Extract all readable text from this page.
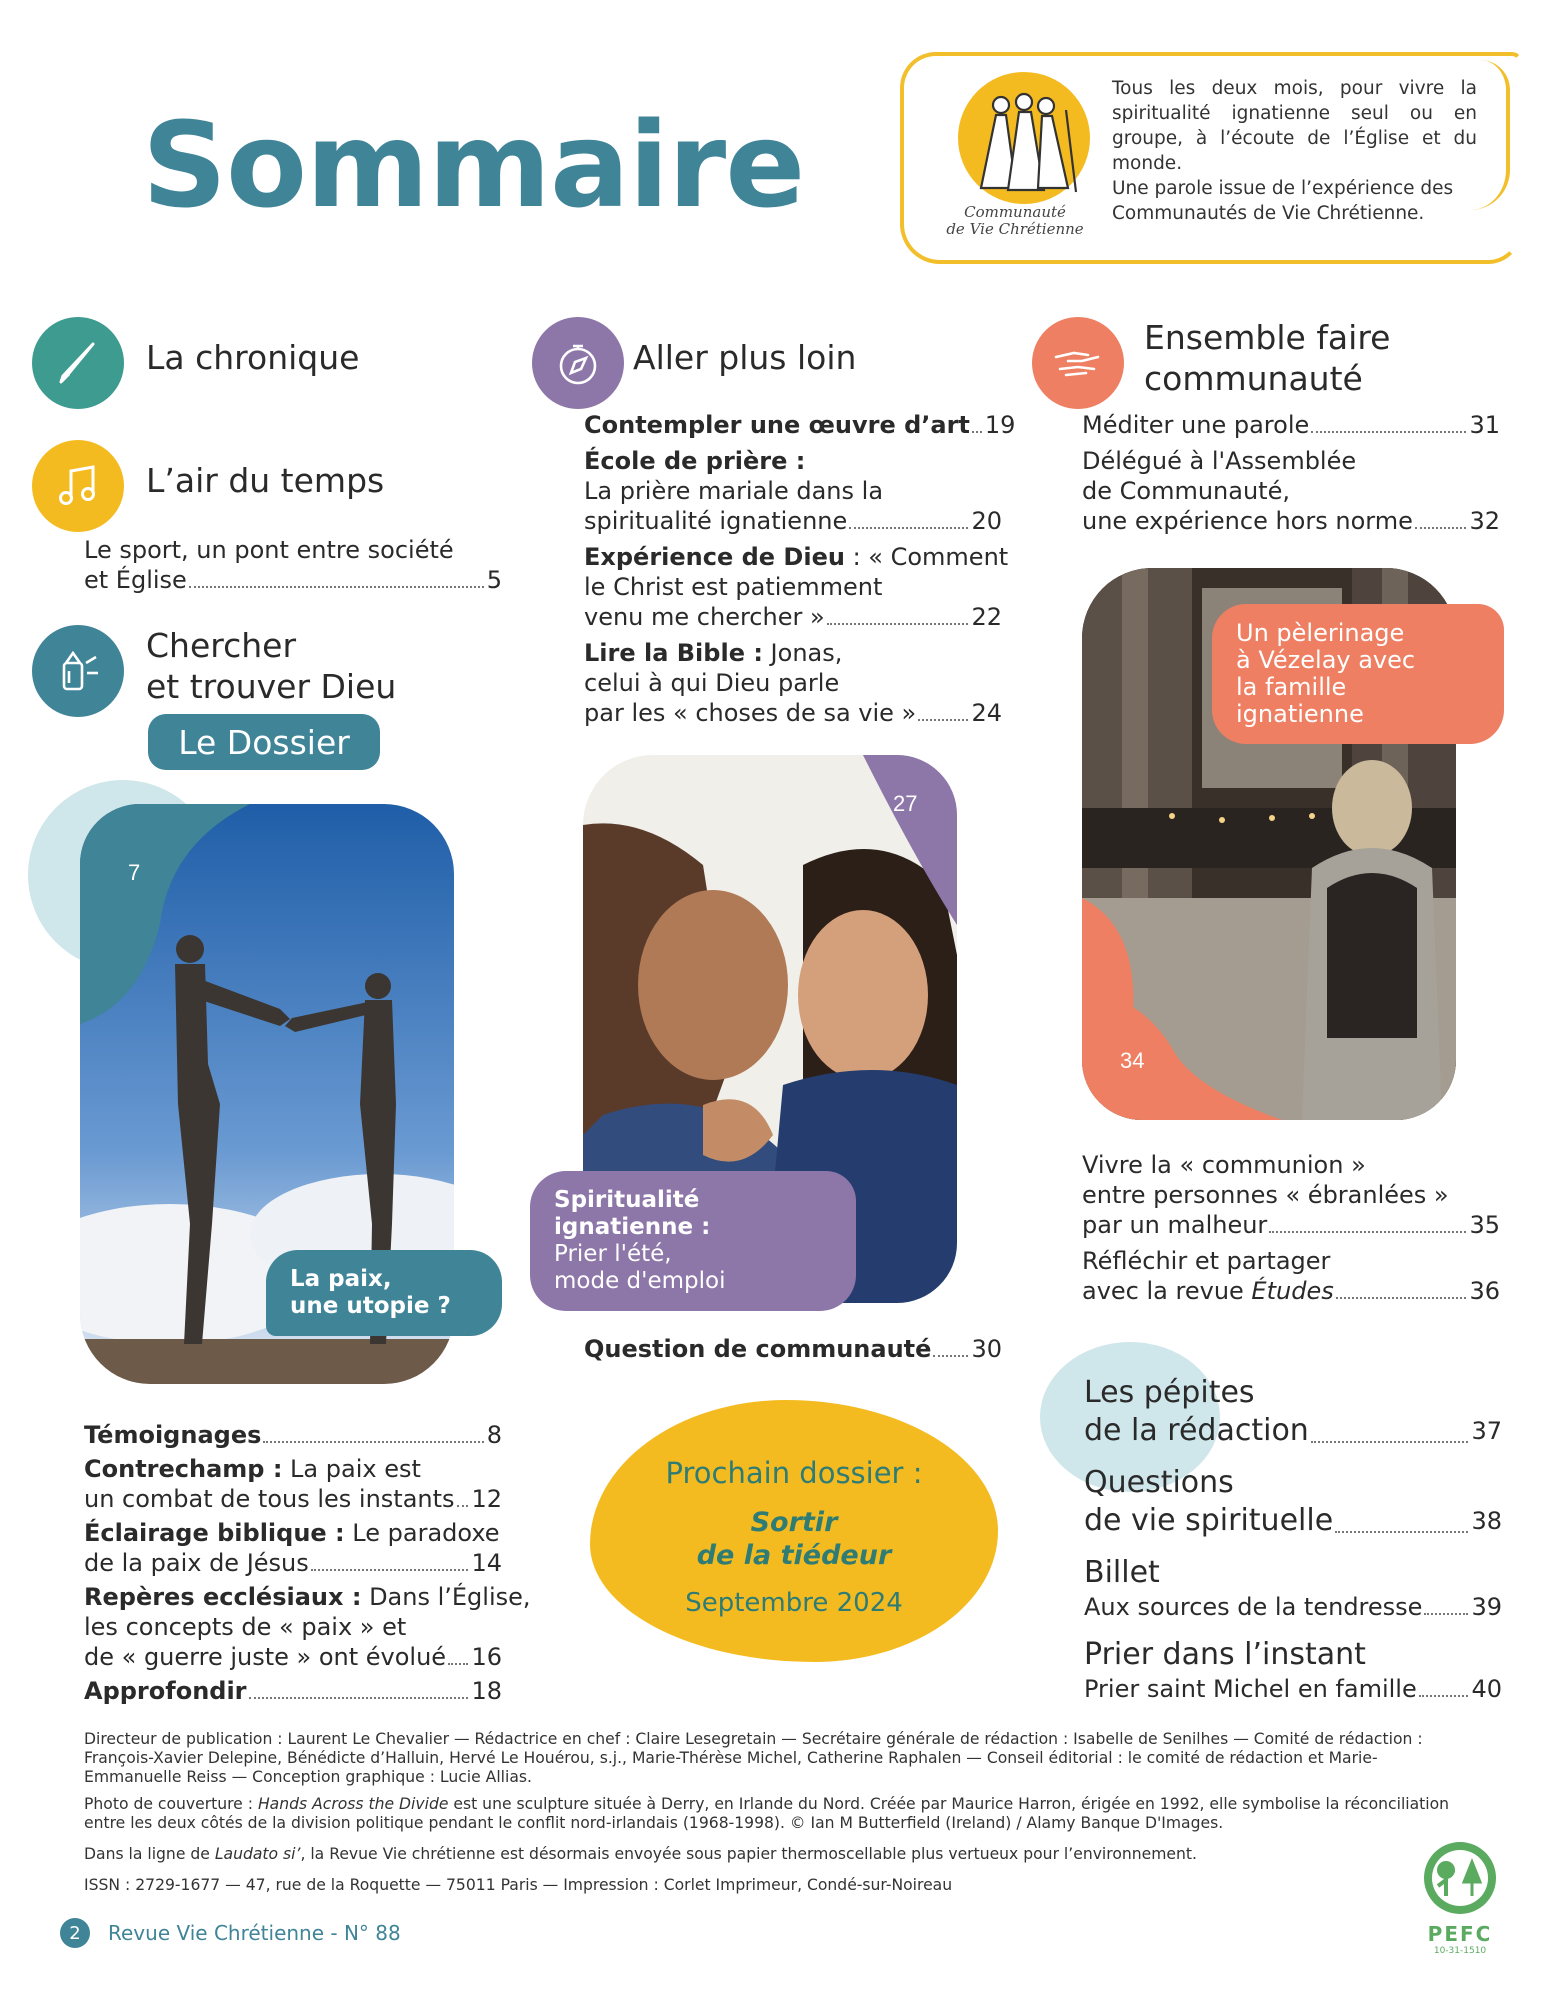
Sommaire	Communauté
de Vie Chrétienne
Tous les deux mois, pour vivre la spiritualité ignatienne seul ou en groupe, à l’écoute de l’Église et du monde.
Une parole issue de l’expérience des Communautés de Vie Chrétienne.
La chronique
L’air du temps
Le sport, un pont entre société
et Église	5
Chercher
et trouver Dieu
Le Dossier
7
La paix,
une utopie ?
Témoignages	8
Contrechamp : La paix est
un combat de tous les instants 12
Éclairage biblique : Le paradoxe
de la paix de Jésus	14
Repères ecclésiaux : Dans l’Église,
les concepts de « paix » et
de « guerre juste » ont évolué 16
Approfondir	18
Aller plus loin
Contempler une œuvre d’art 19
École de prière :
La prière mariale dans la
spiritualité ignatienne	20
Expérience de Dieu : « Comment
le Christ est patiemment
venu me chercher »	22
Lire la Bible : Jonas,
celui à qui Dieu parle
par les « choses de sa vie » 24
27
Spiritualité ignatienne :
Prier l'été,
mode d'emploi
Question de communauté 30
Prochain dossier :
Sortir
de la tiédeur
Septembre 2024
Ensemble faire
communauté
Méditer une parole	31
Délégué à l'Assemblée
de Communauté,
une expérience hors norme 32
34
Un pèlerinage
à Vézelay avec
la famille ignatienne
Vivre la « communion »
entre personnes « ébranlées »
par un malheur	35
Réfléchir et partager
avec la revue Études	36
Les pépites
de la rédaction	37
Questions
de vie spirituelle	38
Billet
Aux sources de la tendresse 39
Prier dans l’instant
Prier saint Michel en famille 40
Directeur de publication : Laurent Le Chevalier — Rédactrice en chef : Claire Lesegretain — Secrétaire générale de rédaction : Isabelle de Senilhes — Comité de rédaction :
François-Xavier Delepine, Bénédicte d’Halluin, Hervé Le Houérou, s.j., Marie-Thérèse Michel, Catherine Raphalen — Conseil éditorial : le comité de rédaction et Marie-
Emmanuelle Reiss — Conception graphique : Lucie Allias.
Photo de couverture : Hands Across the Divide est une sculpture située à Derry, en Irlande du Nord. Créée par Maurice Harron, érigée en 1992, elle symbolise la réconciliation
entre les deux côtés de la division politique pendant le conflit nord-irlandais (1968-1998). © Ian M Butterfield (Ireland) / Alamy Banque D'Images.
Dans la ligne de Laudato si’, la Revue Vie chrétienne est désormais envoyée sous papier thermoscellable plus vertueux pour l’environnement.
ISSN : 2729-1677 — 47, rue de la Roquette — 75011 Paris — Impression : Corlet Imprimeur, Condé-sur-Noireau
2	Revue Vie Chrétienne - N° 88	PEFC
10-31-1510
